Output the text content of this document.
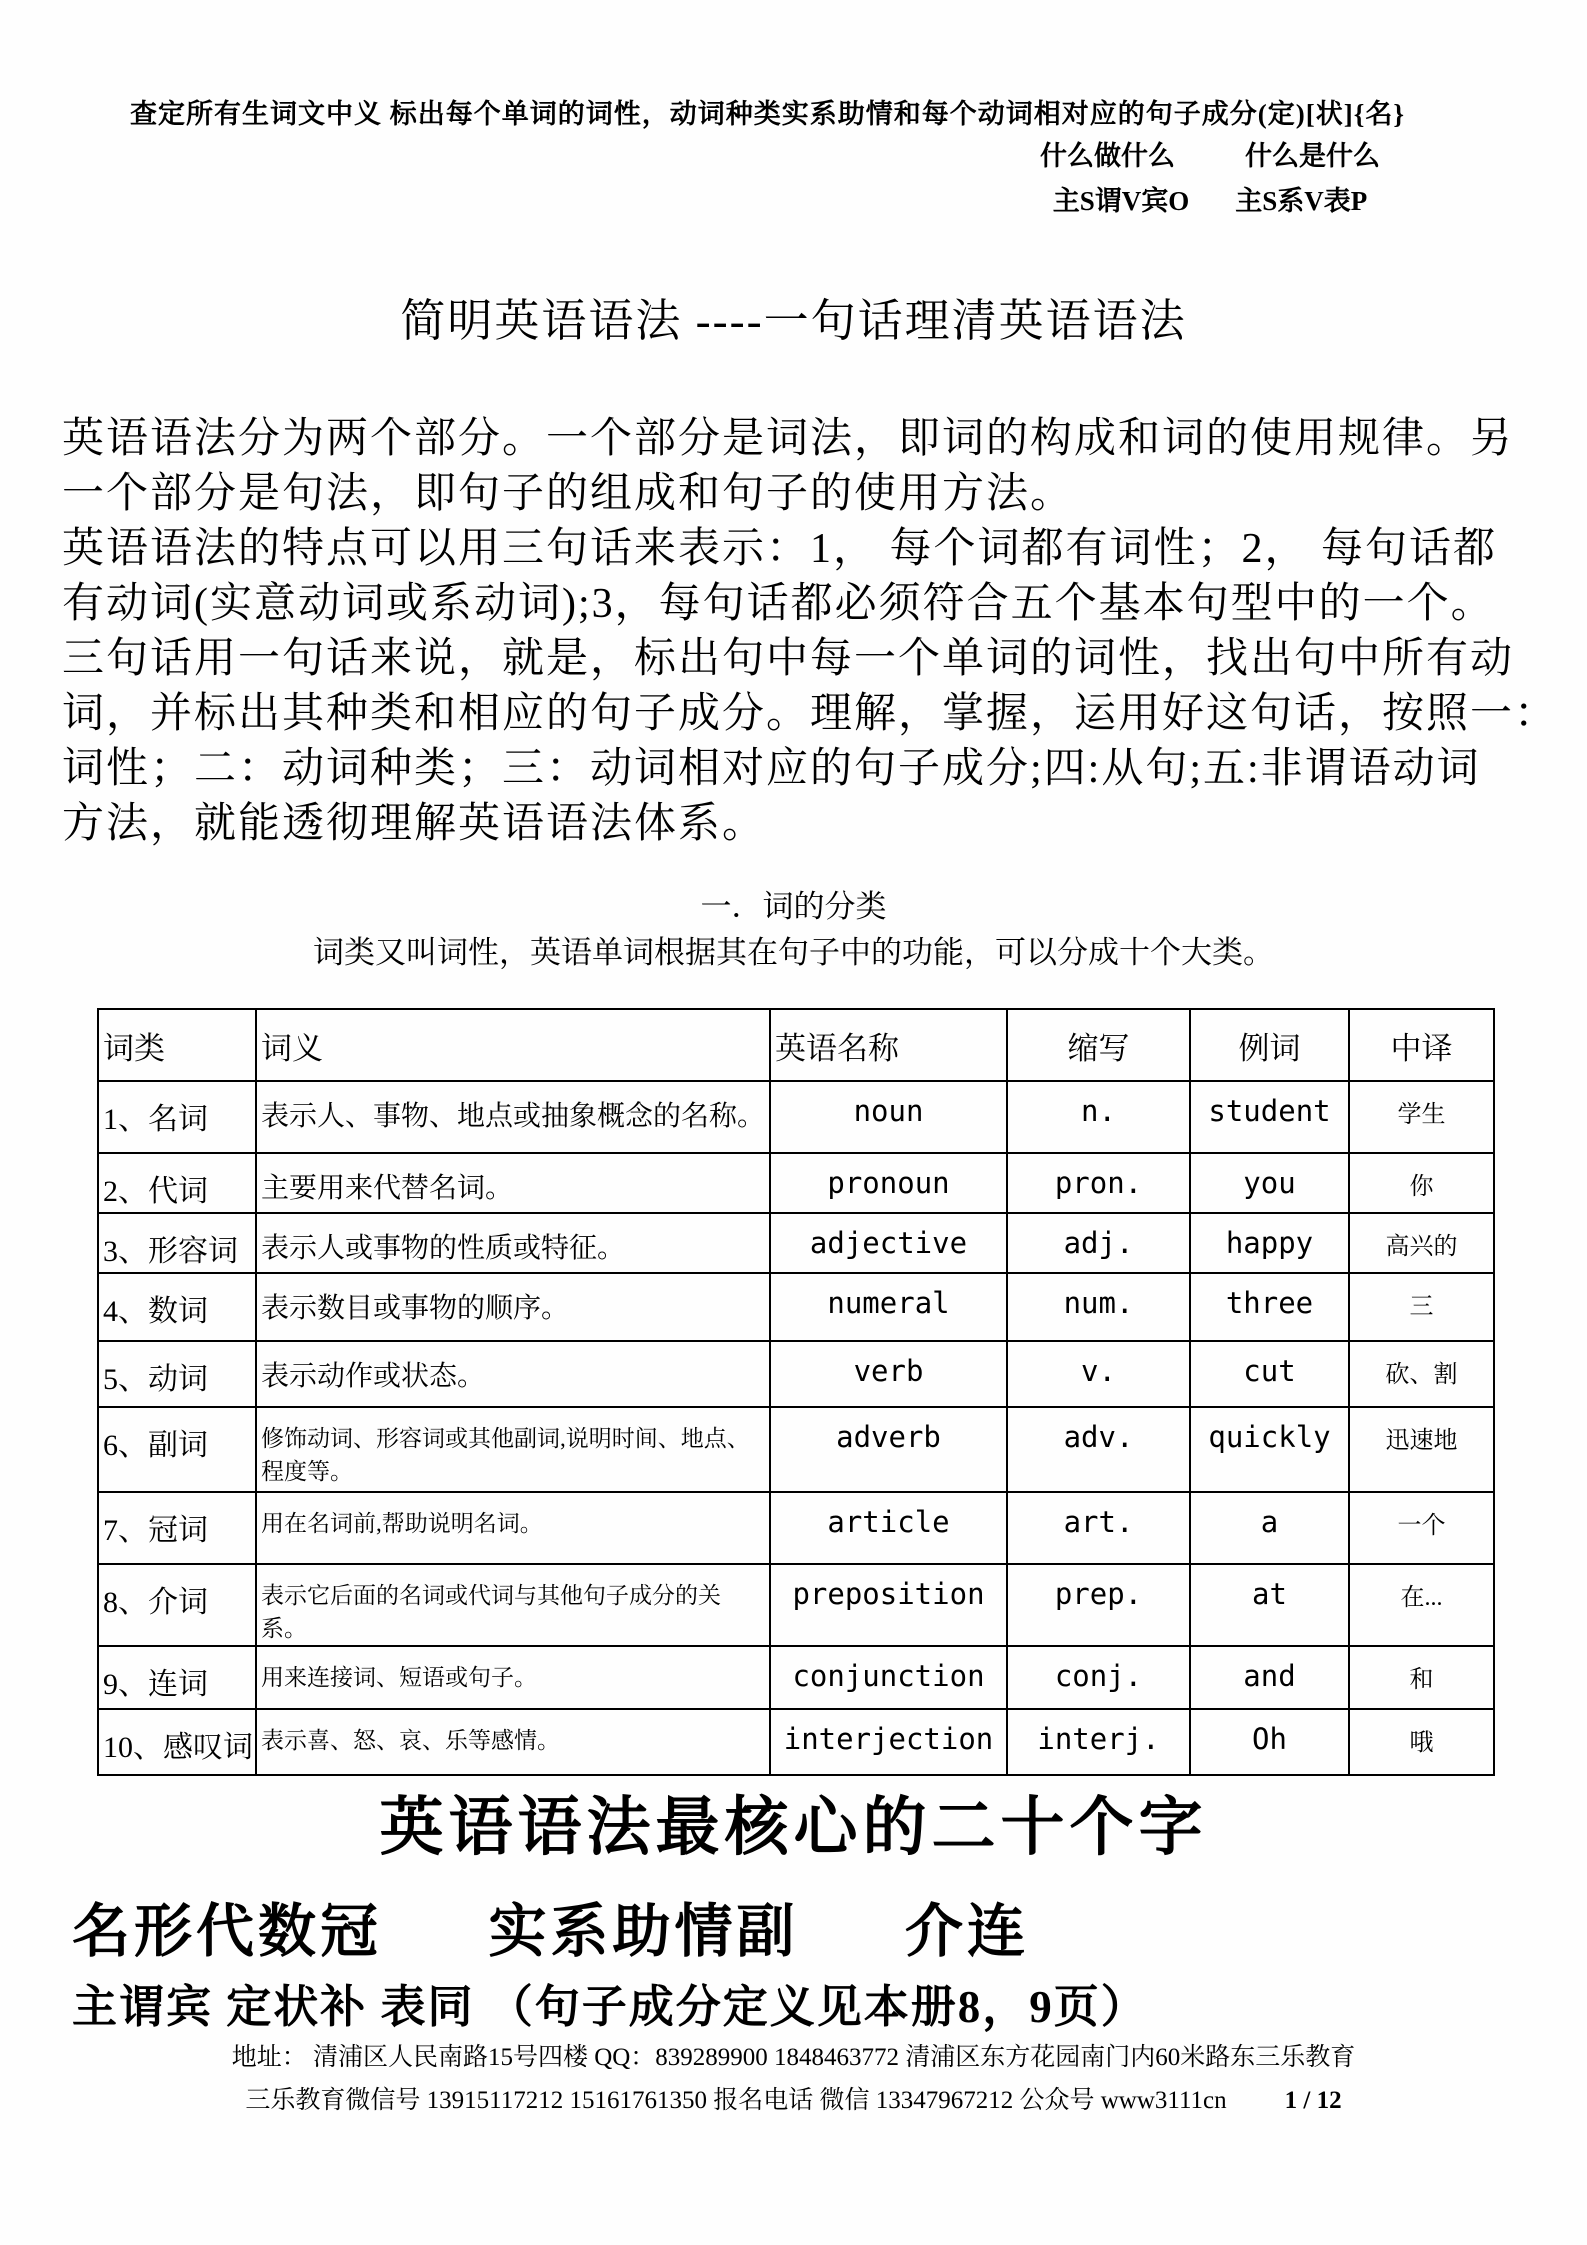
查定所有生词文中义 标出每个单词的词性，动词种类实系助情和每个动词相对应的句子成分(定)[状]{名}
什么做什么	什么是什么
主S谓V宾O 主S系V表P
简明英语语法 ----一句话理清英语语法
英语语法分为两个部分。一个部分是词法，即词的构成和词的使用规律。另
一个部分是句法，即句子的组成和句子的使用方法。
英语语法的特点可以用三句话来表示：1， 每个词都有词性；2， 每句话都
有动词(实意动词或系动词);3，每句话都必须符合五个基本句型中的一个。
三句话用一句话来说，就是，标出句中每一个单词的词性，找出句中所有动
词，并标出其种类和相应的句子成分。理解，掌握，运用好这句话，按照一：
词性；二：动词种类；三：动词相对应的句子成分;四:从句;五:非谓语动词
方法，就能透彻理解英语语法体系。
一．词的分类
词类又叫词性，英语单词根据其在句子中的功能，可以分成十个大类。
词类	词义	英语名称	缩写	例词	中译
1、名词	表示人、事物、地点或抽象概念的名称。	noun	n.	student	学生
2、代词	主要用来代替名词。	pronoun	pron.	you	你
3、形容词	表示人或事物的性质或特征。	adjective	adj.	happy	高兴的
4、数词	表示数目或事物的顺序。	numeral	num.	three	三
5、动词	表示动作或状态。	verb	v.	cut	砍、割
6、副词	修饰动词、形容词或其他副词,说明时间、地点、程度等。	adverb	adv.	quickly	迅速地
7、冠词	用在名词前,帮助说明名词。	article	art.	a	一个
8、介词	表示它后面的名词或代词与其他句子成分的关系。	preposition	prep.	at	在...
9、连词	用来连接词、短语或句子。	conjunction	conj.	and	和
10、感叹词	表示喜、怒、哀、乐等感情。	interjection	interj.	Oh	哦
英语语法最核心的二十个字
名形代数冠 实系助情副 介连
主谓宾 定状补 表同 （句子成分定义见本册8，9页）
地址： 清浦区人民南路15号四楼 QQ：839289900 1848463772 清浦区东方花园南门内60米路东三乐教育
三乐教育微信号 13915117212 15161761350 报名电话 微信 13347967212 公众号 www3111cn 1 / 12
